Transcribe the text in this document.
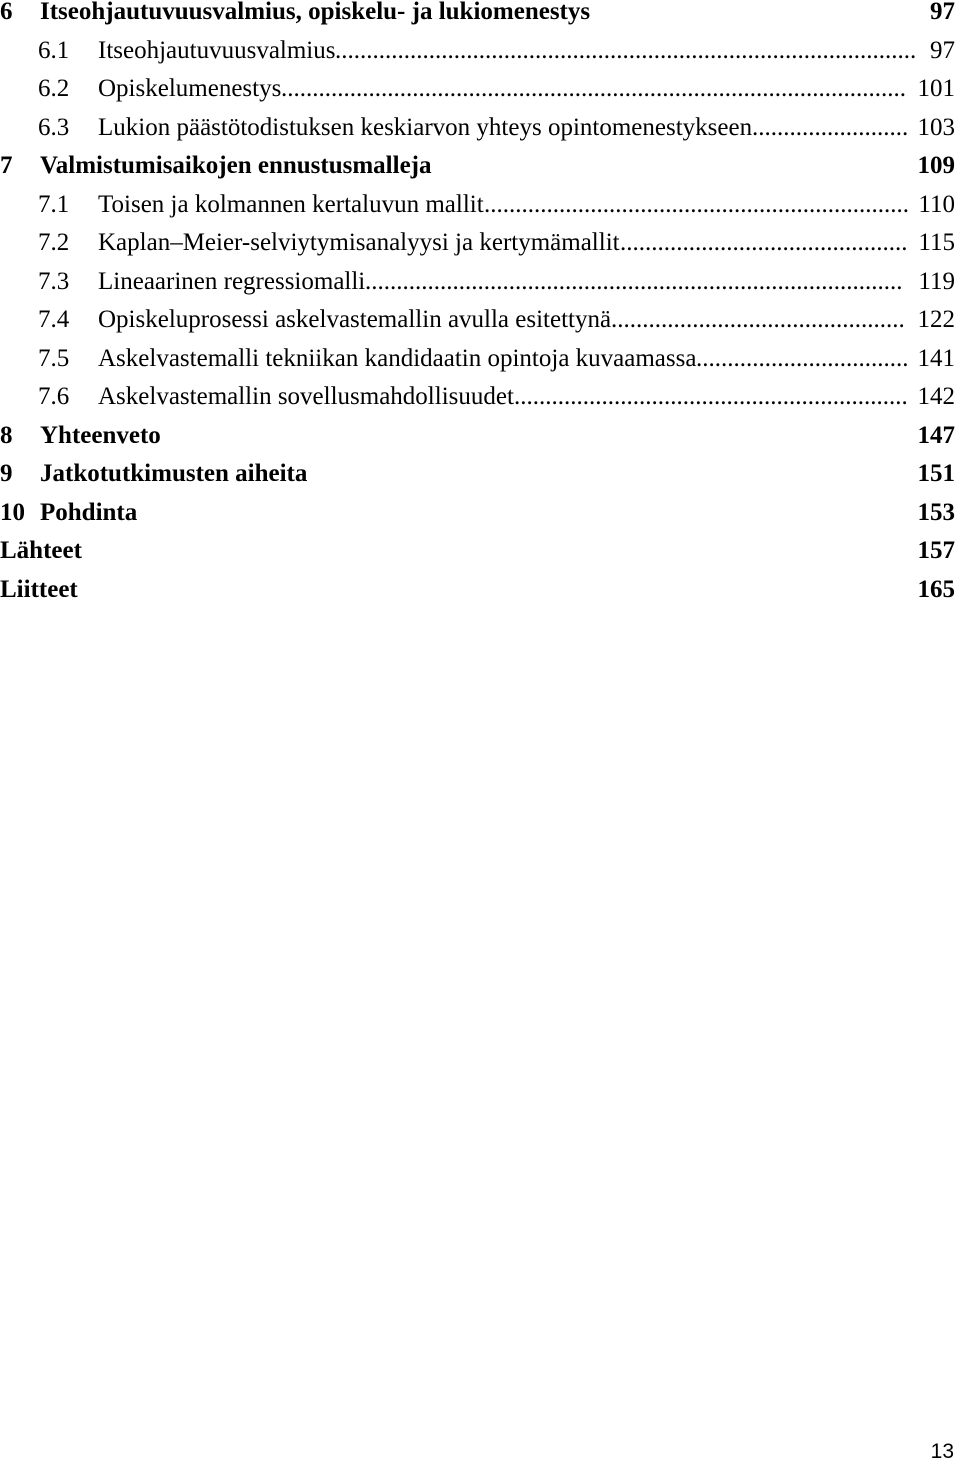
6 Itseohjautuvuusvalmius, opiskelu- ja lukiomenestys	97
6.1 Itseohjautuvuusvalmius ............................................................................................. 97
6.2 Opiskelumenestys .................................................................................................... 101
6.3 Lukion päästötodistuksen keskiarvon yhteys opintomenestykseen ......................... 103
7 Valmistumisaikojen ennustusmalleja	109
7.1 Toisen ja kolmannen kertaluvun mallit .................................................................... 110
7.2 Kaplan–Meier-selviytymisanalyysi ja kertymämallit .............................................. 115
7.3 Lineaarinen regressiomalli ...................................................................................... 119
7.4 Opiskeluprosessi askelvastemallin avulla esitettynä ............................................... 122
7.5 Askelvastemalli tekniikan kandidaatin opintoja kuvaamassa .................................. 141
7.6 Askelvastemallin sovellusmahdollisuudet ............................................................... 142
8 Yhteenveto	147
9 Jatkotutkimusten aiheita	151
10 Pohdinta	153
Lähteet	157
Liitteet	165
13
